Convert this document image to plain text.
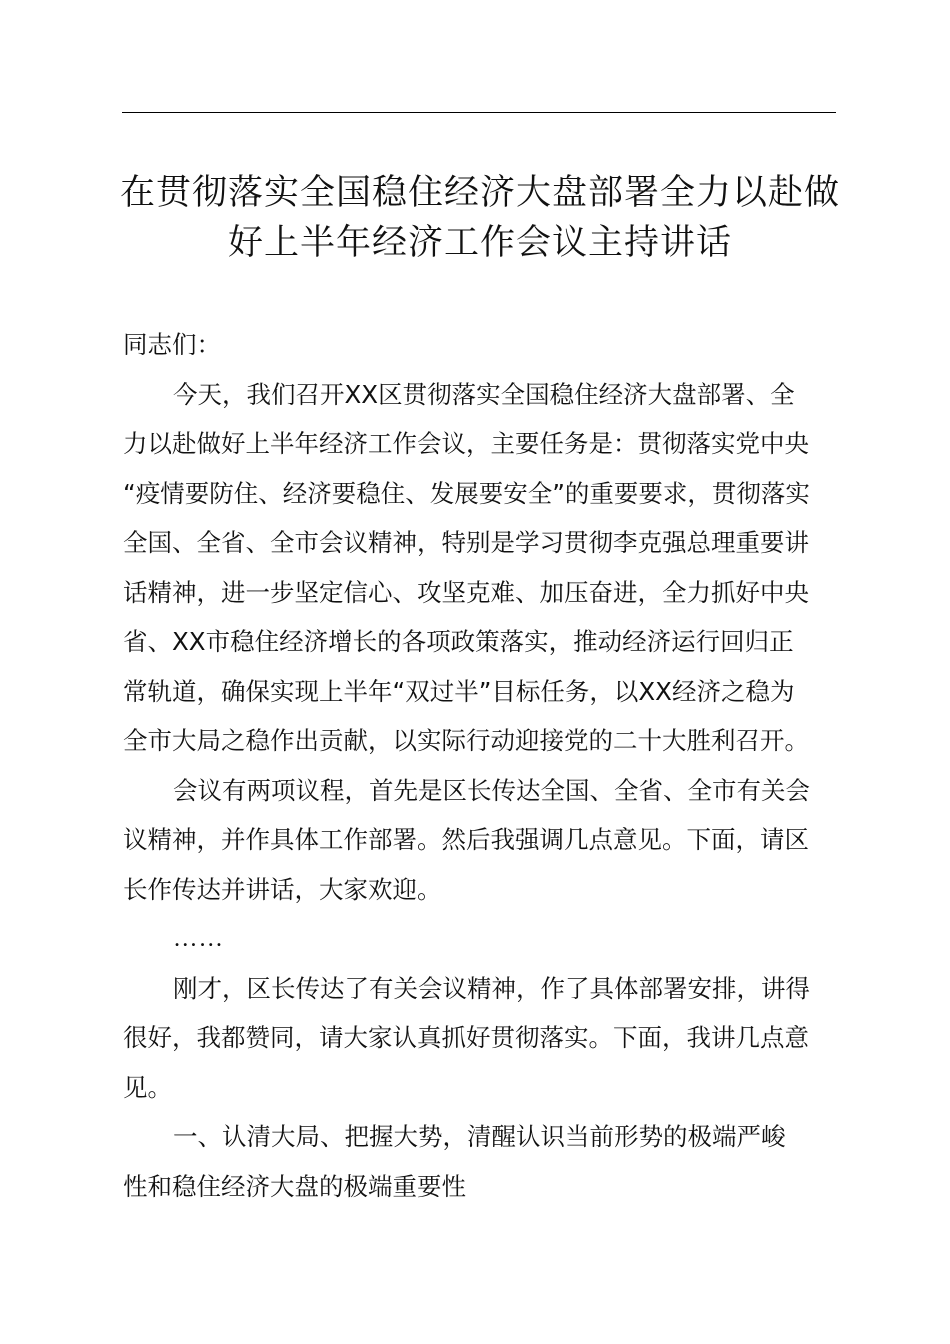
在贯彻落实全国稳住经济大盘部署全力以赴做
好上半年经济工作会议主持讲话

同志们：

今天，我们召开XX区贯彻落实全国稳住经济大盘部署、全

力以赴做好上半年经济工作会议，主要任务是：贯彻落实党中央

“疫情要防住、经济要稳住、发展要安全”的重要要求，贯彻落实

全国、全省、全市会议精神，特别是学习贯彻李克强总理重要讲

话精神，进一步坚定信心、攻坚克难、加压奋进，全力抓好中央

省、XX市稳住经济增长的各项政策落实，推动经济运行回归正

常轨道，确保实现上半年“双过半”目标任务，以XX经济之稳为

全市大局之稳作出贡献，以实际行动迎接党的二十大胜利召开。

会议有两项议程，首先是区长传达全国、全省、全市有关会

议精神，并作具体工作部署。然后我强调几点意见。下面，请区

长作传达并讲话，大家欢迎。

……

刚才，区长传达了有关会议精神，作了具体部署安排，讲得

很好，我都赞同，请大家认真抓好贯彻落实。下面，我讲几点意

见。

一、认清大局、把握大势，清醒认识当前形势的极端严峻

性和稳住经济大盘的极端重要性
